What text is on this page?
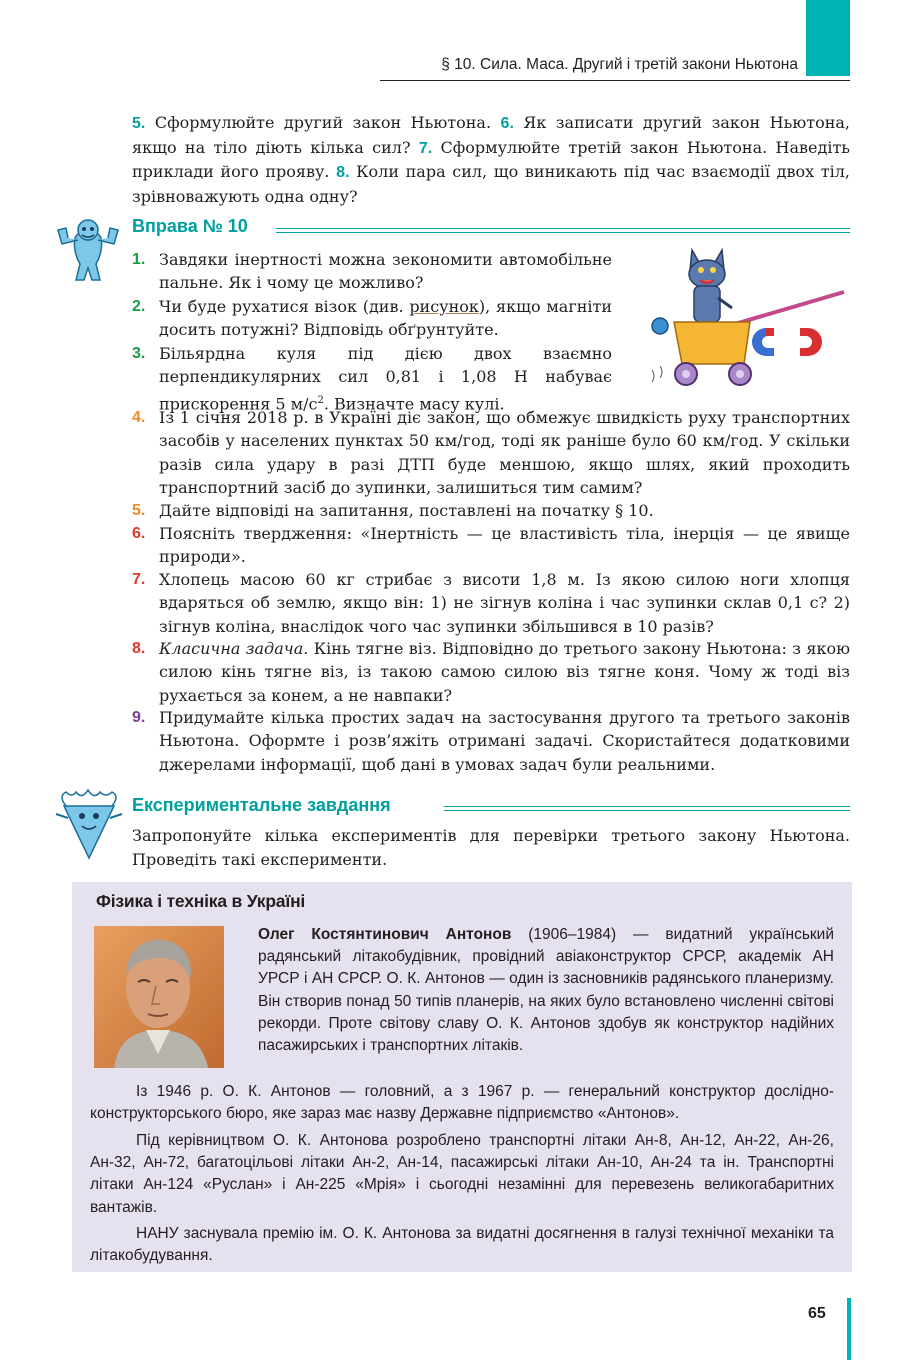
§ 10. Сила. Маса. Другий і третій закони Ньютона

5. Сформулюйте другий закон Ньютона. 6. Як записати другий закон Ньютона, якщо на тіло діють кілька сил? 7. Сформулюйте третій закон Ньютона. Наведіть приклади його прояву. 8. Коли пара сил, що виникають під час взаємодії двох тіл, зрівноважують одна одну?

Вправа № 10
1. Завдяки інертності можна зекономити автомобільне пальне. Як і чому це можливо?
2. Чи буде рухатися візок (див. рисунок), якщо магніти досить потужні? Відповідь обґрунтуйте.
3. Більярдна куля під дією двох взаємно перпендикулярних сил 0,81 і 1,08 Н набуває прискорення 5 $м/с^2$. Визначте масу кулі.
4. Із 1 січня 2018 р. в Україні діє закон, що обмежує швидкість руху транспортних засобів у населених пунктах 50 км/год, тоді як раніше було 60 км/год. У скільки разів сила удару в разі ДТП буде меншою, якщо шлях, який проходить транспортний засіб до зупинки, залишиться тим самим?
5. Дайте відповіді на запитання, поставлені на початку § 10.
6. Поясніть твердження: «Інертність — це властивість тіла, інерція — це явище природи».
7. Хлопець масою 60 кг стрибає з висоти 1,8 м. Із якою силою ноги хлопця вдаряться об землю, якщо він: 1) не зігнув коліна і час зупинки склав 0,1 с? 2) зігнув коліна, внаслідок чого час зупинки збільшився в 10 разів?
8. Класична задача. Кінь тягне віз. Відповідно до третього закону Ньютона: з якою силою кінь тягне віз, із такою самою силою віз тягне коня. Чому ж тоді віз рухається за конем, а не навпаки?
9. Придумайте кілька простих задач на застосування другого та третього законів Ньютона. Оформте і розв’яжіть отримані задачі. Скористайтеся додатковими джерелами інформації, щоб дані в умовах задач були реальними.
Експериментальне завдання

Запропонуйте кілька експериментів для перевірки третього закону Ньютона. Проведіть такі експерименти.

Фізика і техніка в Україні

Олег Костянтинович Антонов (1906–1984) — видатний український радянський літакобудівник, провідний авіаконструктор СРСР, академік АН УРСР і АН СРСР. О. К. Антонов — один із засновників радянського планеризму. Він створив понад 50 типів планерів, на яких було встановлено численні світові рекорди. Проте світову славу О. К. Антонов здобув як конструктор надійних пасажирських і транспортних літаків.

Із 1946 р. О. К. Антонов — головний, а з 1967 р. — генеральний конструктор дослідно-конструкторського бюро, яке зараз має назву Державне підприємство «Антонов».

Під керівництвом О. К. Антонова розроблено транспортні літаки Ан-8, Ан-12, Ан-22, Ан-26, Ан-32, Ан-72, багатоцільові літаки Ан-2, Ан-14, пасажирські літаки Ан-10, Ан-24 та ін. Транспортні літаки Ан-124 «Руслан» і Ан-225 «Мрія» і сьогодні незамінні для перевезень великогабаритних вантажів.

НАНУ заснувала премію ім. О. К. Антонова за видатні досягнення в галузі технічної механіки та літакобудування.

65
